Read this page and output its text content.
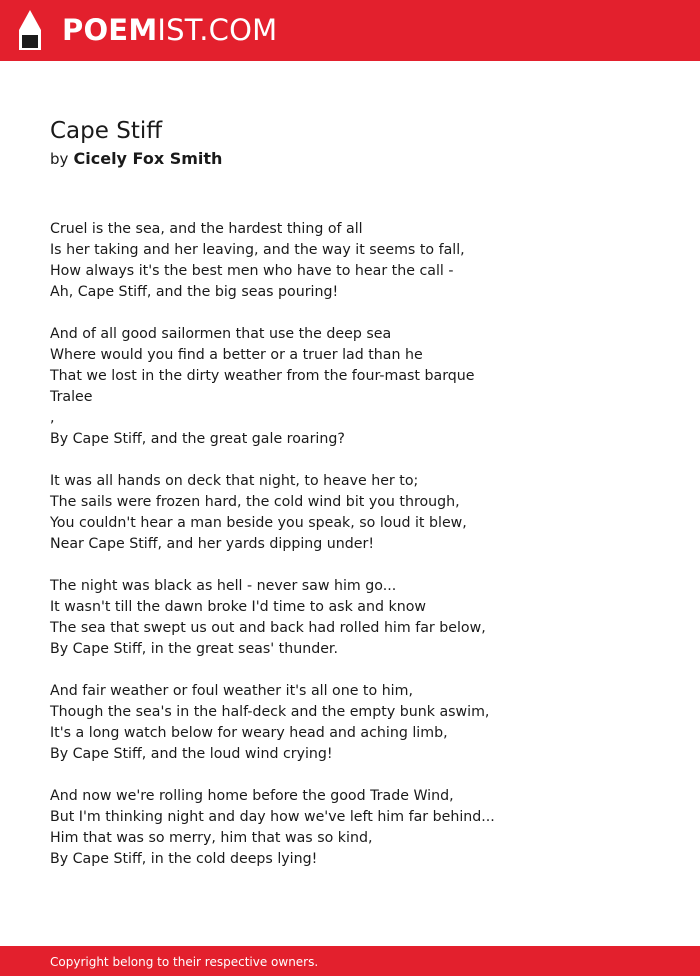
POEMIST.COM
Cape Stiff
by Cicely Fox Smith
Cruel is the sea, and the hardest thing of all
Is her taking and her leaving, and the way it seems to fall,
How always it's the best men who have to hear the call -
Ah, Cape Stiff, and the big seas pouring!
And of all good sailormen that use the deep sea
Where would you find a better or a truer lad than he
That we lost in the dirty weather from the four-mast barque
Tralee
,
By Cape Stiff, and the great gale roaring?
It was all hands on deck that night, to heave her to;
The sails were frozen hard, the cold wind bit you through,
You couldn't hear a man beside you speak, so loud it blew,
Near Cape Stiff, and her yards dipping under!
The night was black as hell - never saw him go...
It wasn't till the dawn broke I'd time to ask and know
The sea that swept us out and back had rolled him far below,
By Cape Stiff, in the great seas' thunder.
And fair weather or foul weather it's all one to him,
Though the sea's in the half-deck and the empty bunk aswim,
It's a long watch below for weary head and aching limb,
By Cape Stiff, and the loud wind crying!
And now we're rolling home before the good Trade Wind,
But I'm thinking night and day how we've left him far behind...
Him that was so merry, him that was so kind,
By Cape Stiff, in the cold deeps lying!
Copyright belong to their respective owners.
